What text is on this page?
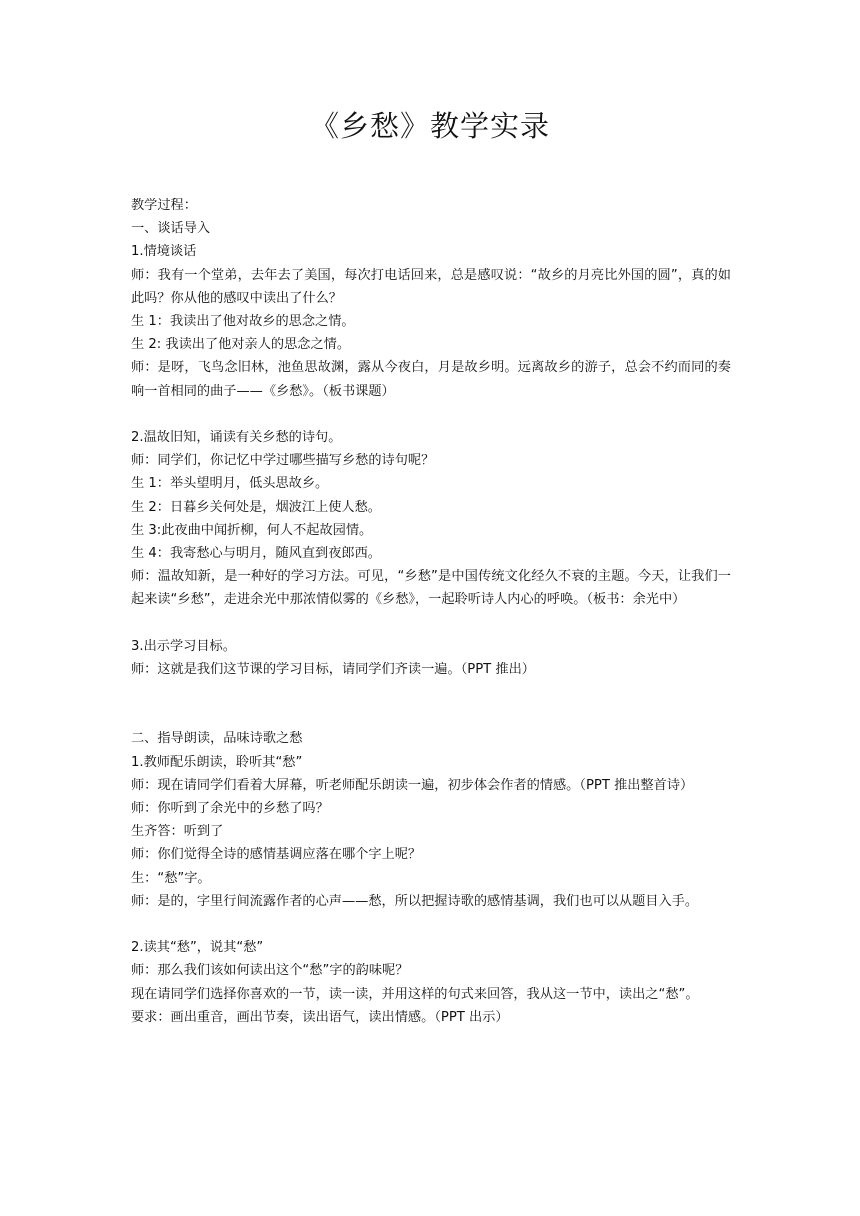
《乡愁》教学实录

教学过程：

一、谈话导入

1.情境谈话

师：我有一个堂弟，去年去了美国，每次打电话回来，总是感叹说：“故乡的月亮比外国的圆”，真的如此吗？你从他的感叹中读出了什么？

生 1：我读出了他对故乡的思念之情。

生 2: 我读出了他对亲人的思念之情。

师：是呀，飞鸟念旧林，池鱼思故渊，露从今夜白，月是故乡明。远离故乡的游子，总会不约而同的奏响一首相同的曲子——《乡愁》。（板书课题）

2.温故旧知，诵读有关乡愁的诗句。

师：同学们，你记忆中学过哪些描写乡愁的诗句呢？

生 1：举头望明月，低头思故乡。

生 2：日暮乡关何处是，烟波江上使人愁。

生 3:此夜曲中闻折柳，何人不起故园情。

生 4：我寄愁心与明月，随风直到夜郎西。

师：温故知新，是一种好的学习方法。可见，“乡愁”是中国传统文化经久不衰的主题。今天，让我们一起来读“乡愁”，走进余光中那浓情似雾的《乡愁》，一起聆听诗人内心的呼唤。（板书：余光中）

3.出示学习目标。

师：这就是我们这节课的学习目标，请同学们齐读一遍。（PPT 推出）

二、指导朗读，品味诗歌之愁

1.教师配乐朗读，聆听其“愁”

师：现在请同学们看着大屏幕，听老师配乐朗读一遍，初步体会作者的情感。（PPT 推出整首诗）

师：你听到了余光中的乡愁了吗？

生齐答：听到了

师：你们觉得全诗的感情基调应落在哪个字上呢？

生：“愁”字。

师：是的，字里行间流露作者的心声——愁，所以把握诗歌的感情基调，我们也可以从题目入手。

2.读其“愁”，说其“愁”

师：那么我们该如何读出这个“愁”字的韵味呢？

现在请同学们选择你喜欢的一节，读一读，并用这样的句式来回答，我从这一节中，读出之“愁”。

要求：画出重音，画出节奏，读出语气，读出情感。（PPT 出示）
